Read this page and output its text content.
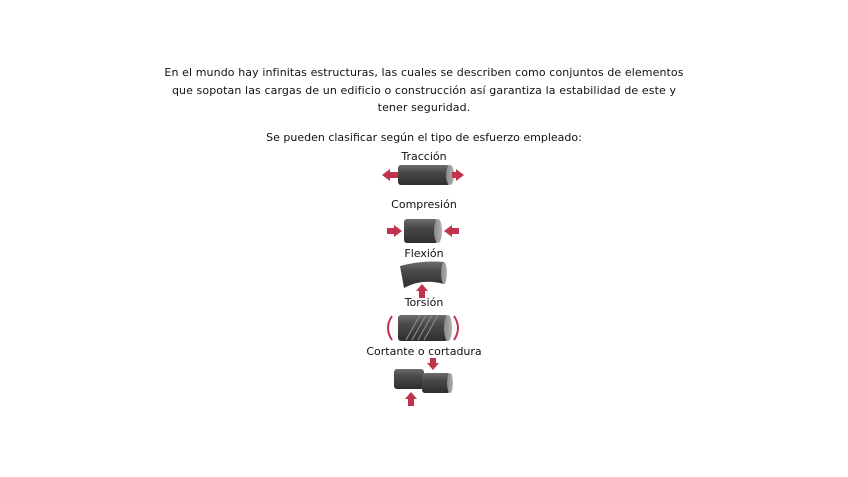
En el mundo hay infinitas estructuras, las cuales se describen como conjuntos de elementos

que sopotan las cargas de un edificio o construcción así garantiza la estabilidad de este y

tener seguridad.

Se pueden clasificar según el tipo de esfuerzo empleado:
Tracción
Compresión
Flexión
Torsión
Cortante o cortadura
